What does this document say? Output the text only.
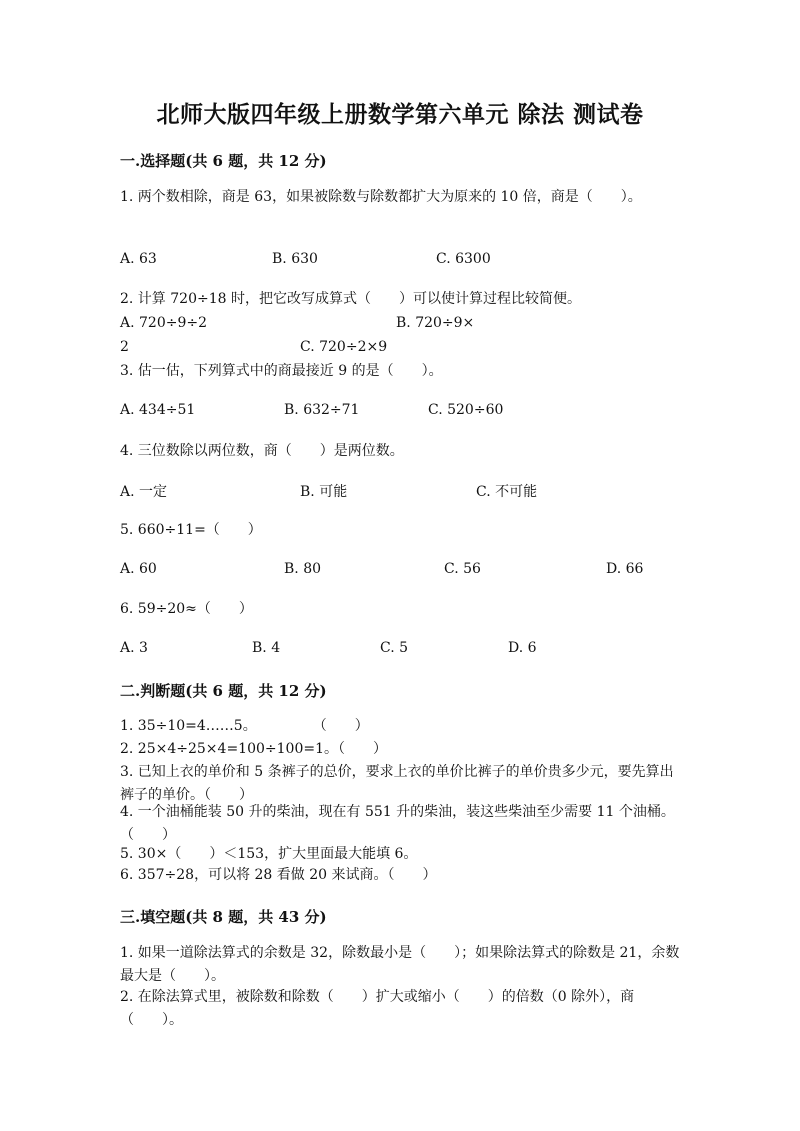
北师大版四年级上册数学第六单元 除法 测试卷
一.选择题(共 6 题，共 12 分)
1. 两个数相除，商是 63，如果被除数与除数都扩大为原来的 10 倍，商是（　　）。
A. 63	B. 630	C. 6300
2. 计算 720÷18 时，把它改写成算式（　　）可以使计算过程比较简便。
A. 720÷9÷2	B. 720÷9×
2	C. 720÷2×9
3. 估一估，下列算式中的商最接近 9 的是（　　）。
A. 434÷51	B. 632÷71	C. 520÷60
4. 三位数除以两位数，商（　　）是两位数。
A. 一定	B. 可能	C. 不可能
5. 660÷11=（　　）
A. 60	B. 80	C. 56	D. 66
6. 59÷20≈（　　）
A. 3	B. 4	C. 5	D. 6
二.判断题(共 6 题，共 12 分)
1. 35÷10=4……5。　　　　　（　　）
2. 25×4÷25×4=100÷100=1。（　　）
3. 已知上衣的单价和 5 条裤子的总价，要求上衣的单价比裤子的单价贵多少元，要先算出裤子的单价。（　　）
4. 一个油桶能装 50 升的柴油，现在有 551 升的柴油，装这些柴油至少需要 11 个油桶。（　　）
5. 30×（　　）＜153，扩大里面最大能填 6。
6. 357÷28，可以将 28 看做 20 来试商。（　　）
三.填空题(共 8 题，共 43 分)
1. 如果一道除法算式的余数是 32，除数最小是（　　）；如果除法算式的除数是 21，余数最大是（　　）。
2. 在除法算式里，被除数和除数（　　）扩大或缩小（　　）的倍数（0 除外），商（　　）。
